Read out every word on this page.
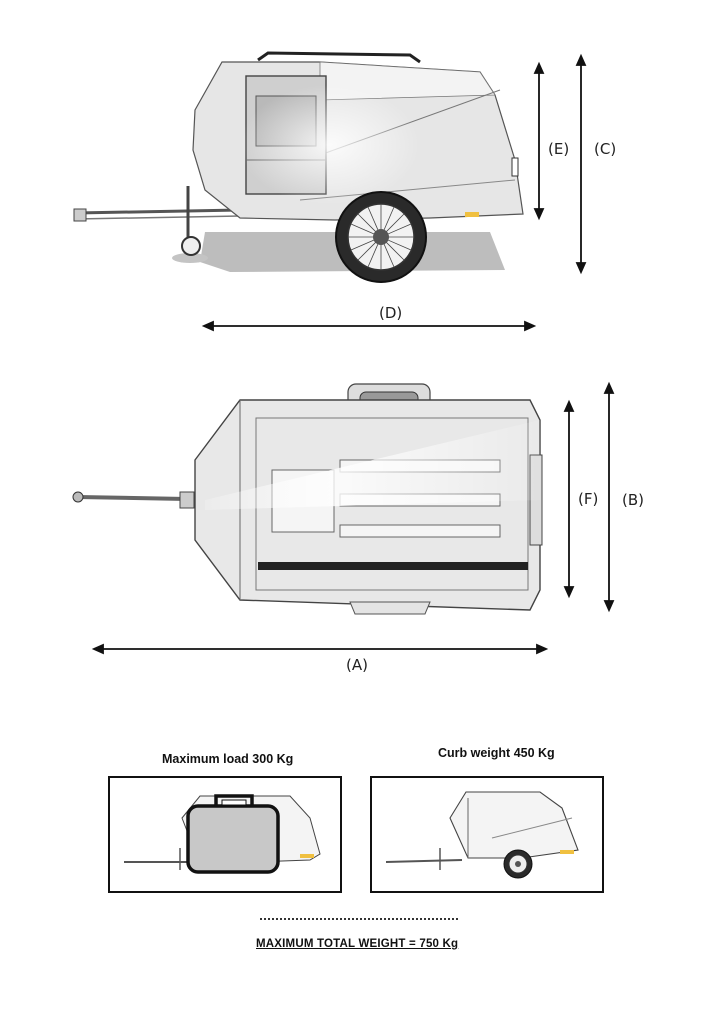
(E) (C)
(D)
(F) (B)
(A)
Maximum load 300 Kg	Curb weight 450 Kg
MAXIMUM TOTAL WEIGHT = 750 Kg
